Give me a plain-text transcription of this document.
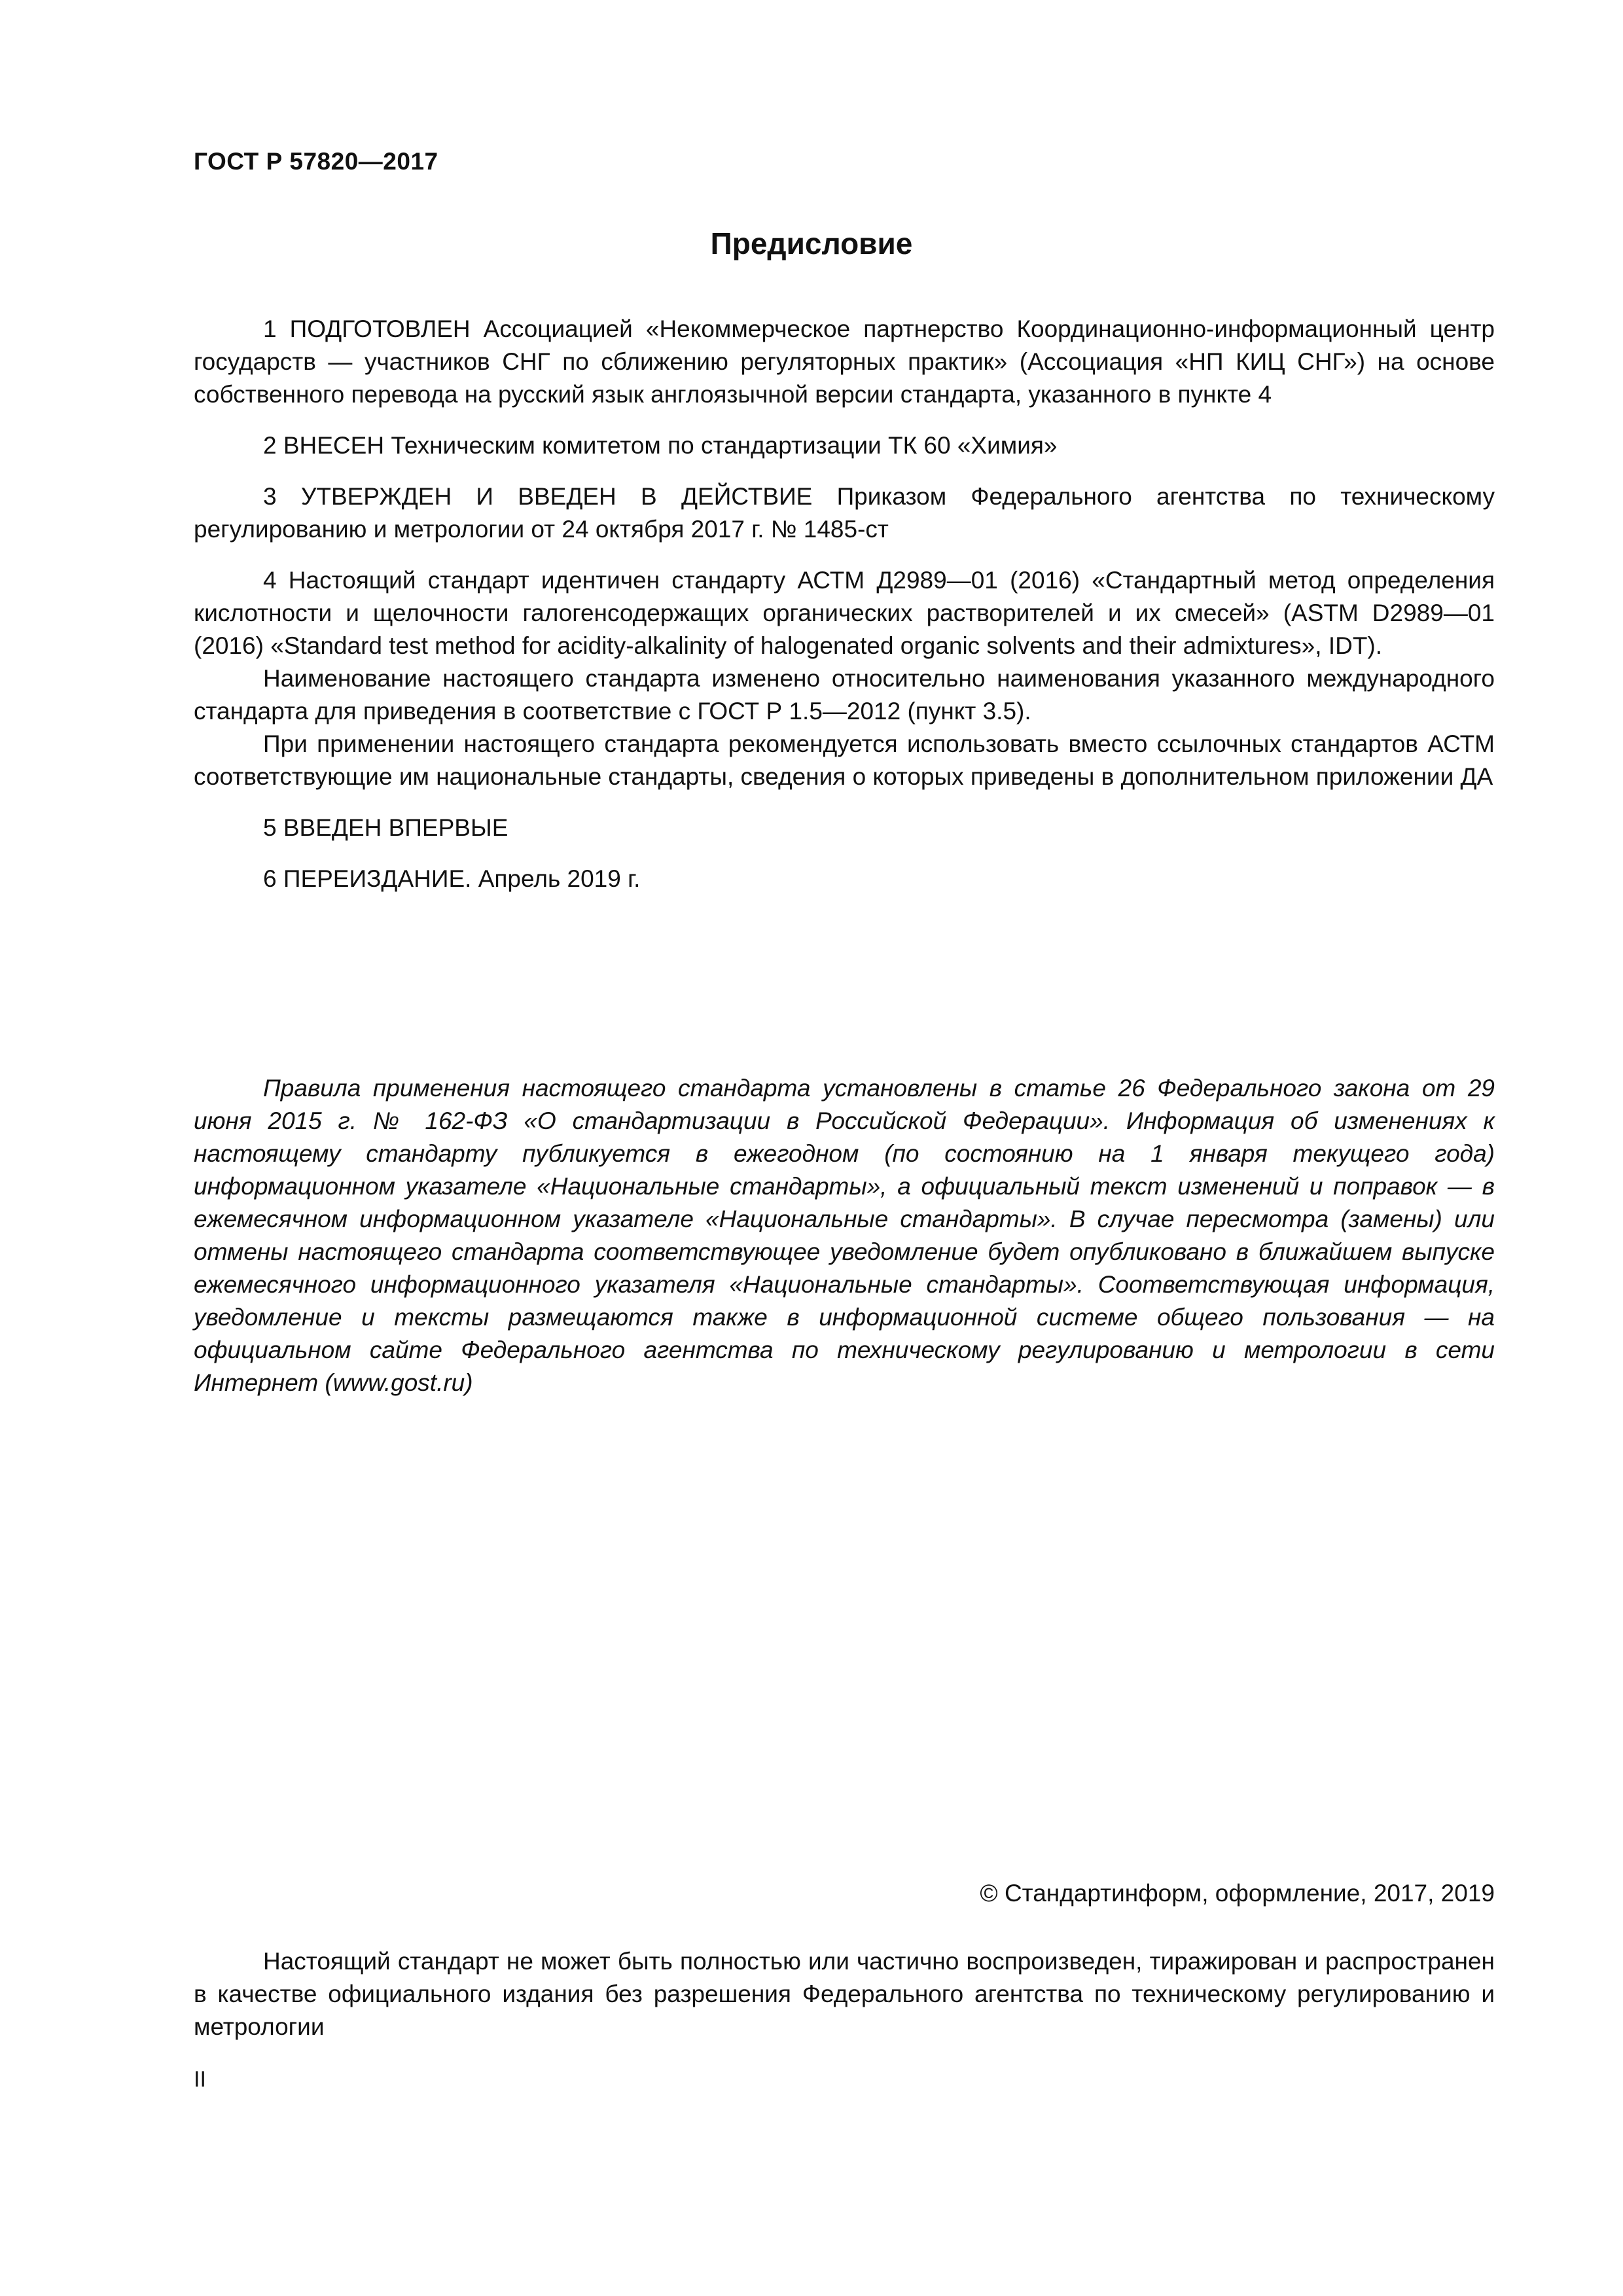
ГОСТ Р 57820—2017
Предисловие

1 ПОДГОТОВЛЕН Ассоциацией «Некоммерческое партнерство Координационно-информационный центр государств — участников СНГ по сближению регуляторных практик» (Ассоциация «НП КИЦ СНГ») на основе собственного перевода на русский язык англоязычной версии стандарта, указанного в пункте 4

2 ВНЕСЕН Техническим комитетом по стандартизации ТК 60 «Химия»

3 УТВЕРЖДЕН И ВВЕДЕН В ДЕЙСТВИЕ Приказом Федерального агентства по техническому регулированию и метрологии от 24 октября 2017 г. № 1485-ст

4 Настоящий стандарт идентичен стандарту АСТМ Д2989—01 (2016) «Стандартный метод определения кислотности и щелочности галогенсодержащих органических растворителей и их смесей» (ASTM D2989—01 (2016) «Standard test method for acidity-alkalinity of halogenated organic solvents and their admixtures», IDT).

Наименование настоящего стандарта изменено относительно наименования указанного международного стандарта для приведения в соответствие с ГОСТ Р 1.5—2012 (пункт 3.5).

При применении настоящего стандарта рекомендуется использовать вместо ссылочных стандартов АСТМ соответствующие им национальные стандарты, сведения о которых приведены в дополнительном приложении ДА

5 ВВЕДЕН ВПЕРВЫЕ

6 ПЕРЕИЗДАНИЕ. Апрель 2019 г.

Правила применения настоящего стандарта установлены в статье 26 Федерального закона от 29 июня 2015 г. № 162-ФЗ «О стандартизации в Российской Федерации». Информация об изменениях к настоящему стандарту публикуется в ежегодном (по состоянию на 1 января текущего года) информационном указателе «Национальные стандарты», а официальный текст изменений и поправок — в ежемесячном информационном указателе «Национальные стандарты». В случае пересмотра (замены) или отмены настоящего стандарта соответствующее уведомление будет опубликовано в ближайшем выпуске ежемесячного информационного указателя «Национальные стандарты». Соответствующая информация, уведомление и тексты размещаются также в информационной системе общего пользования — на официальном сайте Федерального агентства по техническому регулированию и метрологии в сети Интернет (www.gost.ru)

© Стандартинформ, оформление, 2017, 2019

Настоящий стандарт не может быть полностью или частично воспроизведен, тиражирован и распространен в качестве официального издания без разрешения Федерального агентства по техническому регулированию и метрологии

II
